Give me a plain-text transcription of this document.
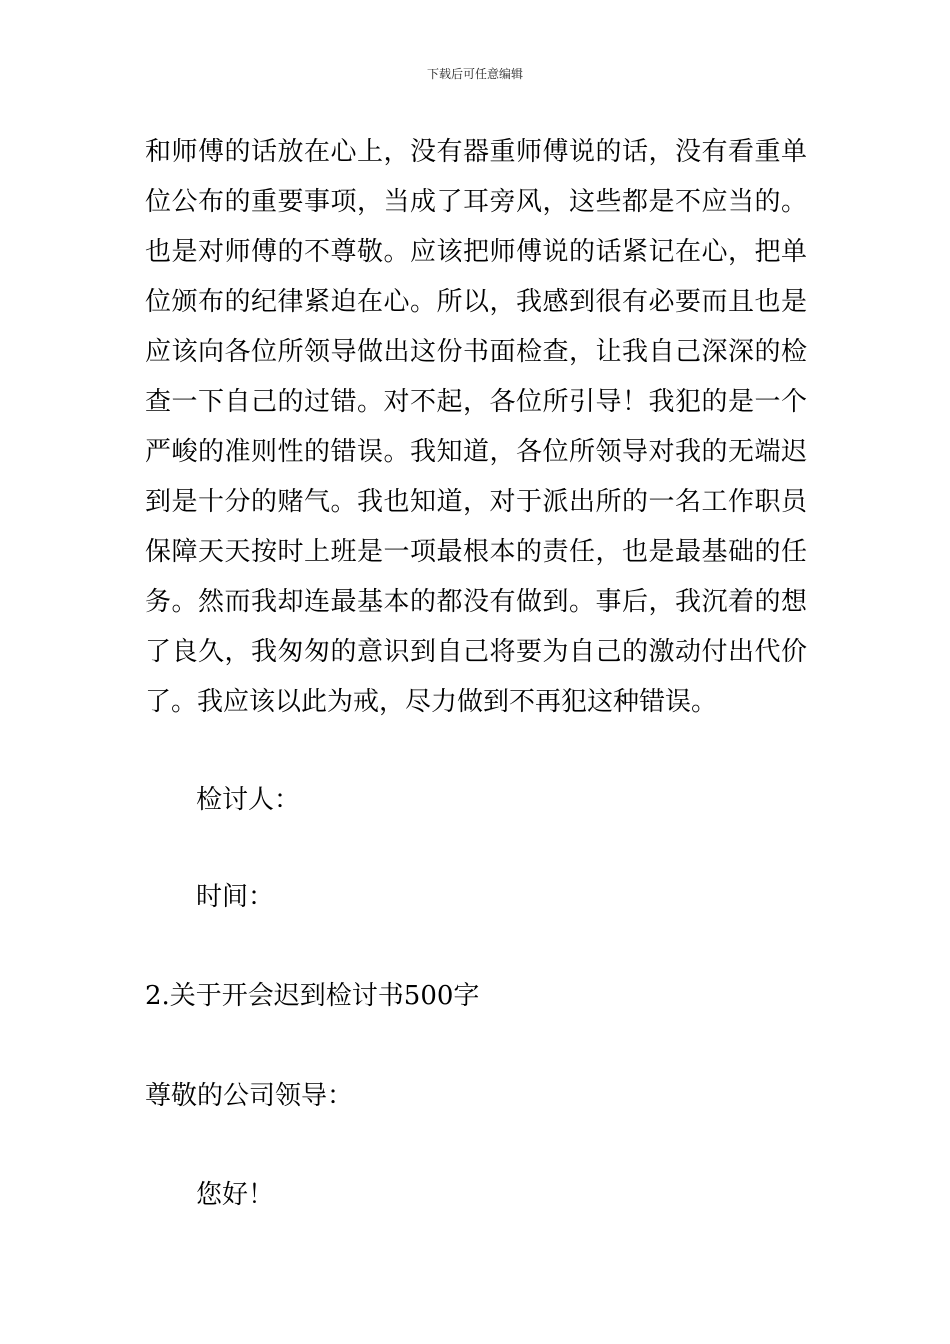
下载后可任意编辑

和师傅的话放在心上，没有器重师傅说的话，没有看重单位公布的重要事项，当成了耳旁风，这些都是不应当的。也是对师傅的不尊敬。应该把师傅说的话紧记在心，把单位颁布的纪律紧迫在心。所以，我感到很有必要而且也是应该向各位所领导做出这份书面检查，让我自己深深的检查一下自己的过错。对不起，各位所引导！我犯的是一个严峻的准则性的错误。我知道，各位所领导对我的无端迟到是十分的赌气。我也知道，对于派出所的一名工作职员保障天天按时上班是一项最根本的责任，也是最基础的任务。然而我却连最基本的都没有做到。事后，我沉着的想了良久，我匆匆的意识到自己将要为自己的激动付出代价了。我应该以此为戒，尽力做到不再犯这种错误。

检讨人：
时间：
2.关于开会迟到检讨书500字
尊敬的公司领导：
您好！
